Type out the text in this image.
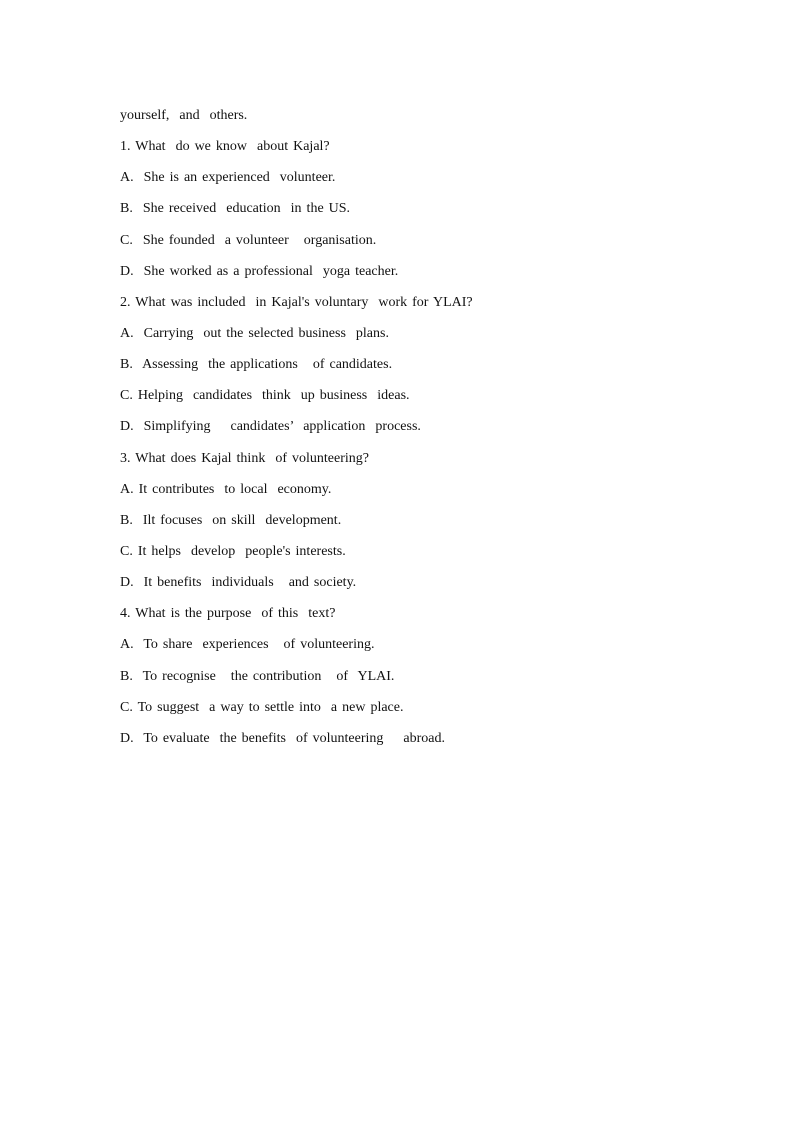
yourself,  and  others.
1. What  do we know  about Kajal?
A.  She is an experienced  volunteer.
B.  She received  education  in the US.
C.  She founded  a volunteer   organisation.
D.  She worked as a professional  yoga teacher.
2. What was included  in Kajal's voluntary  work for YLAI?
A.  Carrying  out the selected business  plans.
B.  Assessing  the applications   of candidates.
C. Helping  candidates  think  up business  ideas.
D.  Simplifying    candidates’  application  process.
3. What does Kajal think  of volunteering?
A. It contributes  to local  economy.
B.  Ilt focuses  on skill  development.
C. It helps  develop  people's interests.
D.  It benefits  individuals   and society.
4. What is the purpose  of this  text?
A.  To share  experiences   of volunteering.
B.  To recognise   the contribution   of  YLAI.
C. To suggest  a way to settle into  a new place.
D.  To evaluate  the benefits  of volunteering    abroad.
